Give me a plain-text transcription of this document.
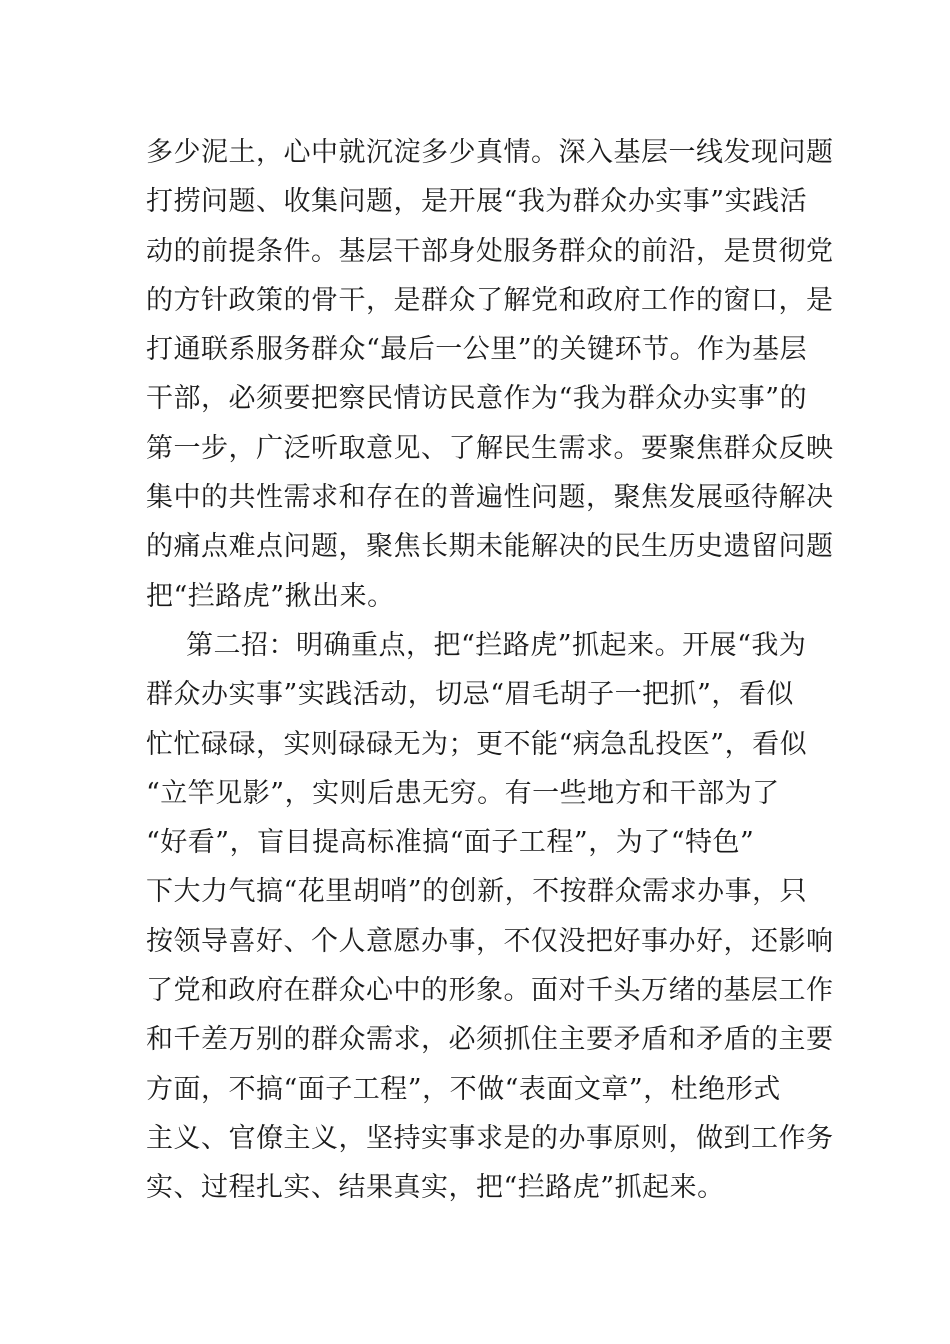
多少泥土，心中就沉淀多少真情。深入基层一线发现问题
打捞问题、收集问题，是开展“我为群众办实事”实践活
动的前提条件。基层干部身处服务群众的前沿，是贯彻党
的方针政策的骨干，是群众了解党和政府工作的窗口，是
打通联系服务群众“最后一公里”的关键环节。作为基层
干部，必须要把察民情访民意作为“我为群众办实事”的
第一步，广泛听取意见、了解民生需求。要聚焦群众反映
集中的共性需求和存在的普遍性问题，聚焦发展亟待解决
的痛点难点问题，聚焦长期未能解决的民生历史遗留问题
把“拦路虎”揪出来。
第二招：明确重点，把“拦路虎”抓起来。开展“我为
群众办实事”实践活动，切忌“眉毛胡子一把抓”，看似
忙忙碌碌，实则碌碌无为；更不能“病急乱投医”，看似
“立竿见影”，实则后患无穷。有一些地方和干部为了
“好看”，盲目提高标准搞“面子工程”，为了“特色”
下大力气搞“花里胡哨”的创新，不按群众需求办事，只
按领导喜好、个人意愿办事，不仅没把好事办好，还影响
了党和政府在群众心中的形象。面对千头万绪的基层工作
和千差万别的群众需求，必须抓住主要矛盾和矛盾的主要
方面，不搞“面子工程”，不做“表面文章”，杜绝形式
主义、官僚主义，坚持实事求是的办事原则，做到工作务
实、过程扎实、结果真实，把“拦路虎”抓起来。
